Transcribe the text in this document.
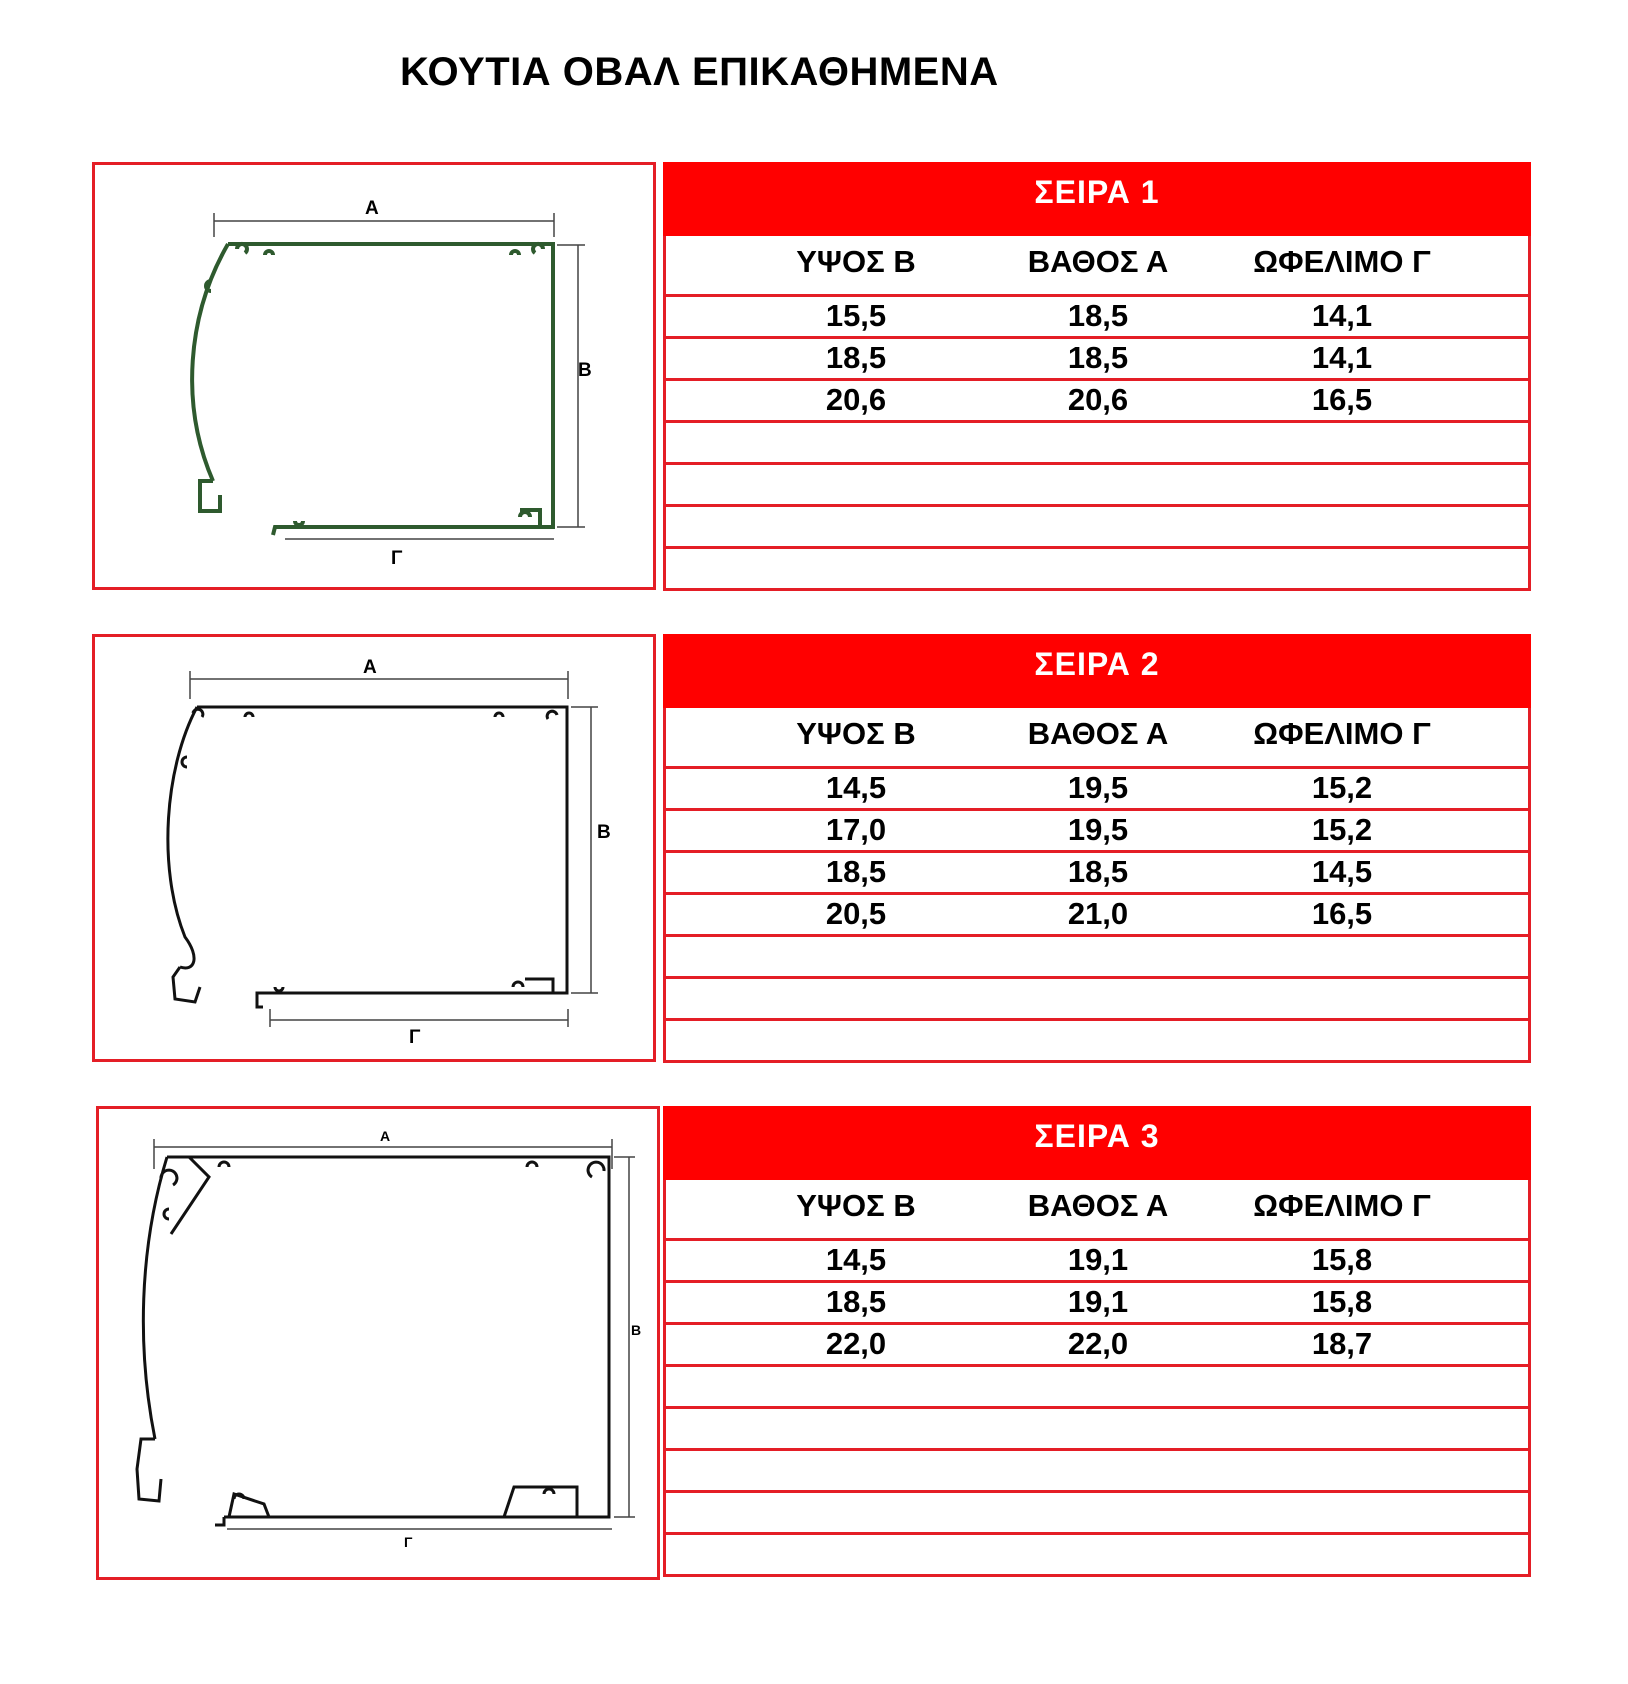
ΚΟΥΤΙΑ ΟΒΑΛ ΕΠΙΚΑΘΗΜΕΝΑ
Α
Β
Γ
ΣΕΙΡΑ 1
ΥΨΟΣ Β	ΒΑΘΟΣ Α	ΩΦΕΛΙΜΟ Γ
15,5	18,5	14,1
18,5	18,5	14,1
20,6	20,6	16,5
Α
Β
Γ
ΣΕΙΡΑ 2
ΥΨΟΣ Β	ΒΑΘΟΣ Α	ΩΦΕΛΙΜΟ Γ
14,5	19,5	15,2
17,0	19,5	15,2
18,5	18,5	14,5
20,5	21,0	16,5
Α
Β
Γ
ΣΕΙΡΑ 3
ΥΨΟΣ Β	ΒΑΘΟΣ Α	ΩΦΕΛΙΜΟ Γ
14,5	19,1	15,8
18,5	19,1	15,8
22,0	22,0	18,7
